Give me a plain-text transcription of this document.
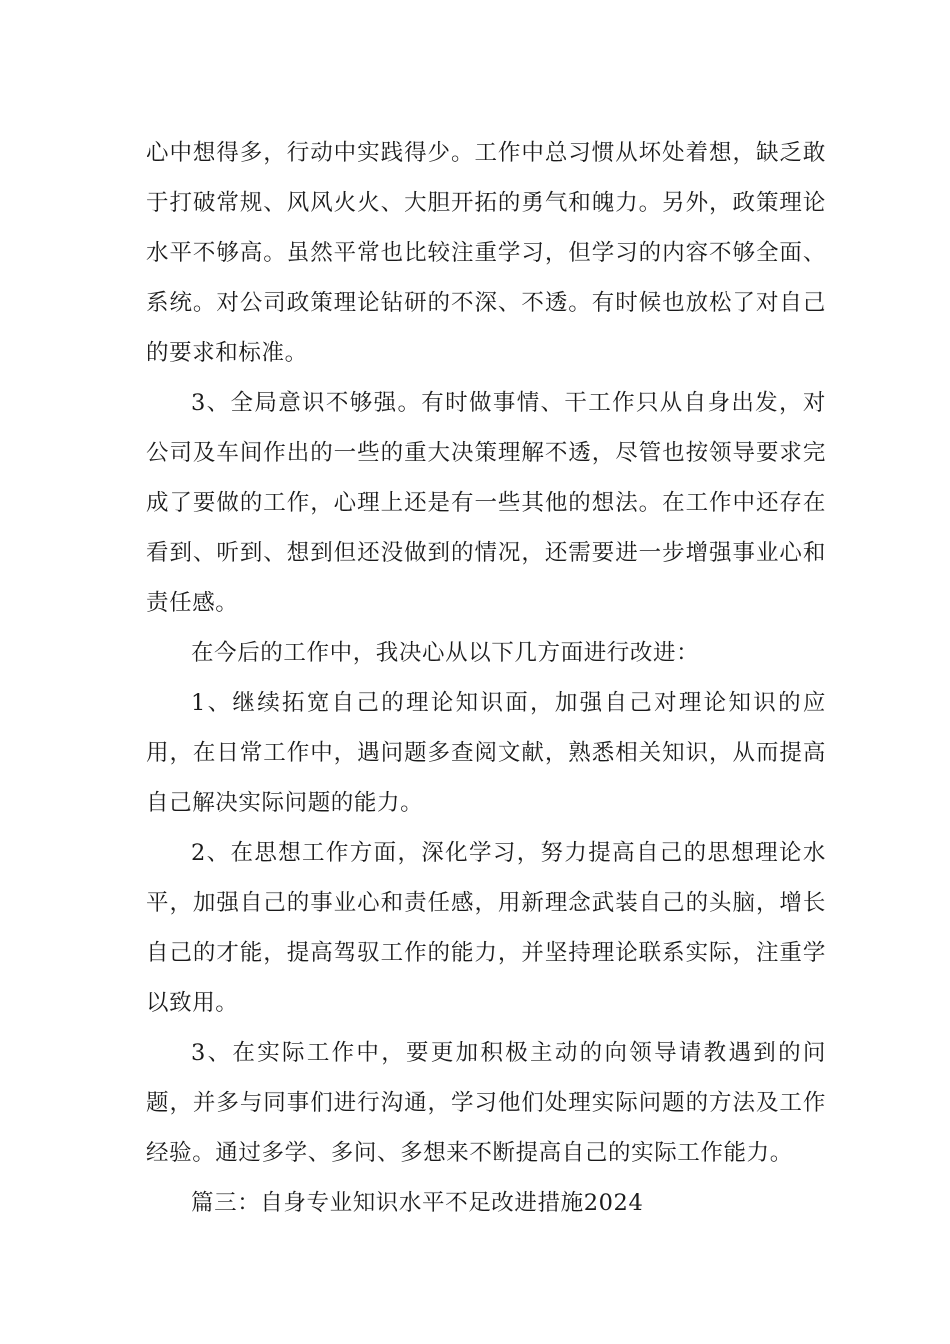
心中想得多，行动中实践得少。工作中总习惯从坏处着想，缺乏敢于打破常规、风风火火、大胆开拓的勇气和魄力。另外，政策理论水平不够高。虽然平常也比较注重学习，但学习的内容不够全面、系统。对公司政策理论钻研的不深、不透。有时候也放松了对自己的要求和标准。

3、全局意识不够强。有时做事情、干工作只从自身出发，对公司及车间作出的一些的重大决策理解不透，尽管也按领导要求完成了要做的工作，心理上还是有一些其他的想法。在工作中还存在看到、听到、想到但还没做到的情况，还需要进一步增强事业心和责任感。

在今后的工作中，我决心从以下几方面进行改进：

1、继续拓宽自己的理论知识面，加强自己对理论知识的应用，在日常工作中，遇问题多查阅文献，熟悉相关知识，从而提高自己解决实际问题的能力。

2、在思想工作方面，深化学习，努力提高自己的思想理论水平，加强自己的事业心和责任感，用新理念武装自己的头脑，增长自己的才能，提高驾驭工作的能力，并坚持理论联系实际，注重学以致用。

3、在实际工作中，要更加积极主动的向领导请教遇到的问题，并多与同事们进行沟通，学习他们处理实际问题的方法及工作经验。通过多学、多问、多想来不断提高自己的实际工作能力。

篇三：自身专业知识水平不足改进措施2024
